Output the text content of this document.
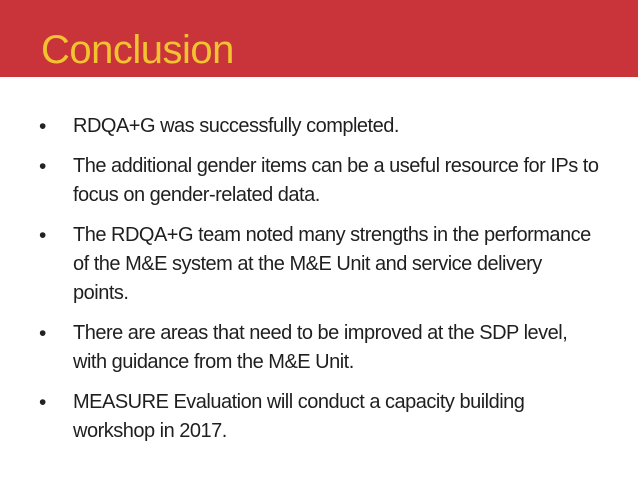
Conclusion
• RDQA+G was successfully completed.
• The additional gender items can be a useful resource for IPs to focus on gender-related data.
• The RDQA+G team noted many strengths in the performance of the M&E system at the M&E Unit and service delivery points.
• There are areas that need to be improved at the SDP level, with guidance from the M&E Unit.
• MEASURE Evaluation will conduct a capacity building workshop in 2017.
